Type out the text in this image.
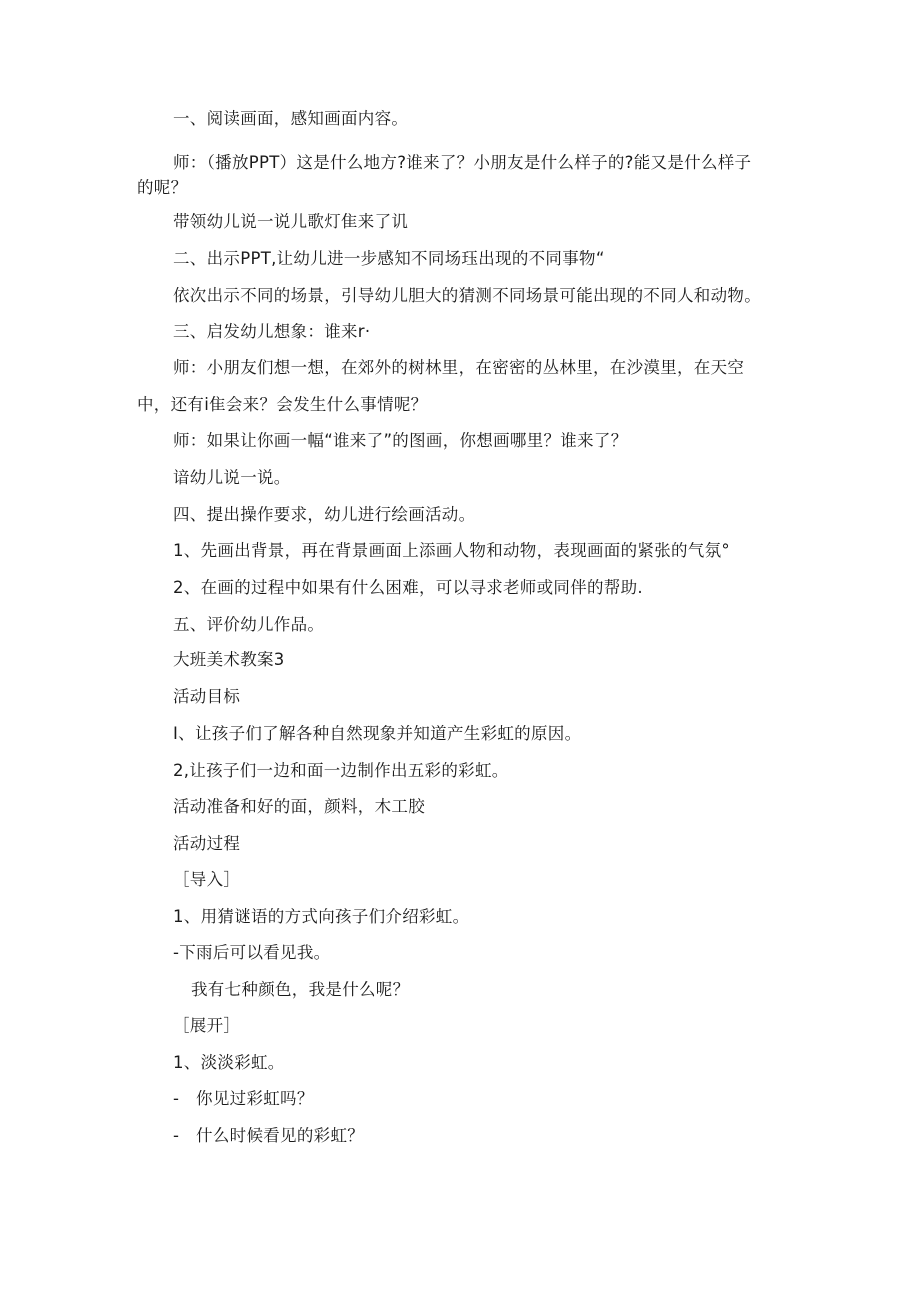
一、阅读画面，感知画面内容。
师：（播放PPT）这是什么地方?谁来了？小朋友是什么样子的?能又是什么样子
的呢？
带领幼儿说一说儿歌灯隹来了讥
二、出示PPT,让幼儿进一步感知不同场珏出现的不同事物“
依次出示不同的场景，引导幼儿胆大的猜测不同场景可能出现的不同人和动物。
三、启发幼儿想象：谁来r·
师：小朋友们想一想，在郊外的树林里，在密密的丛林里，在沙漠里，在天空
中，还有i隹会来？会发生什么事情呢？
师：如果让你画一幅“谁来了”的图画，你想画哪里？谁来了？
谙幼儿说一说。
四、提出操作要求，幼儿进行绘画活动。
1、先画出背景，再在背景画面上添画人物和动物，表现画面的紧张的气氛°
2、在画的过程中如果有什么困难，可以寻求老师或同伴的帮助.
五、评价幼儿作品。
大班美术教案3
活动目标
I、让孩子们了解各种自然现象并知道产生彩虹的原因。
2,让孩子们一边和面一边制作出五彩的彩虹。
活动准备和好的面，颜料，木工胶
活动过程
［导入］
1、用猜谜语的方式向孩子们介绍彩虹。
-下雨后可以看见我。
我有七种颜色，我是什么呢？
［展开］
1、淡淡彩虹。
-　你见过彩虹吗？
-　什么时候看见的彩虹？
